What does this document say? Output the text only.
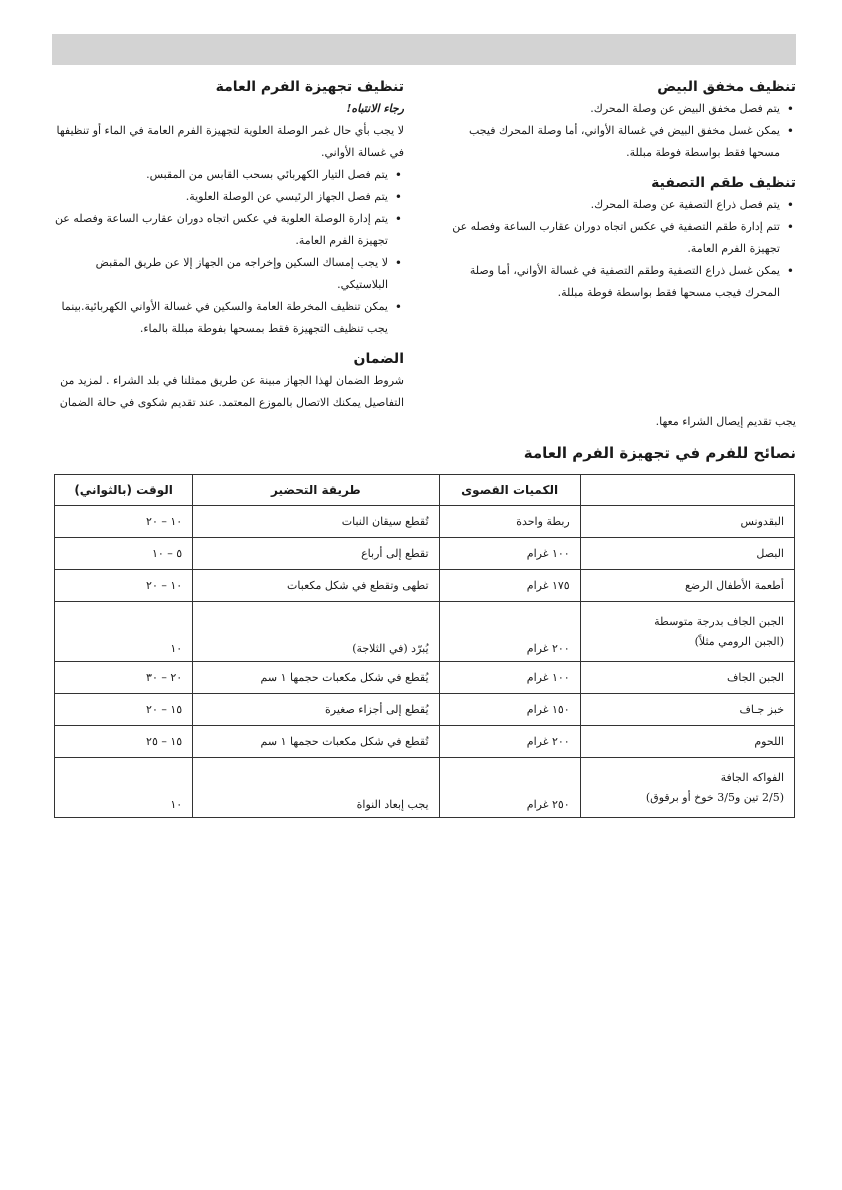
تنظيف مخفق البيض
• يتم فصل مخفق البيض عن وصلة المحرك.
• يمكن غسل مخفق البيض في غسالة الأواني، أما وصلة المحرك فيجب مسحها فقط بواسطة فوطة مبللة.
تنظيف طقم التصفية
• يتم فصل ذراع التصفية عن وصلة المحرك.
• تتم إدارة طقم التصفية في عكس اتجاه دوران عقارب الساعة وفصله عن تجهيزة الفرم العامة.
• يمكن غسل ذراع التصفية وطقم التصفية في غسالة الأواني، أما وصلة المحرك فيجب مسحها فقط بواسطة فوطة مبللة.
تنظيف تجهيزة الفرم العامة

رجاء الانتباه!

لا يجب بأي حال غمر الوصلة العلوية لتجهيزة الفرم العامة في الماء أو تنظيفها في غسالة الأواني.

• يتم فصل التيار الكهربائي بسحب القابس من المقبس.
• يتم فصل الجهاز الرئيسي عن الوصلة العلوية.
• يتم إدارة الوصلة العلوية في عكس اتجاه دوران عقارب الساعة وفصله عن تجهيزة الفرم العامة.
• لا يجب إمساك السكين وإخراجه من الجهاز إلا عن طريق المقبض البلاستيكي.
• يمكن تنظيف المخرطة العامة والسكين في غسالة الأواني الكهربائية.بينما يجب تنظيف التجهيزة فقط بمسحها بفوطة مبللة بالماء.
الضمان

شروط الضمان لهذا الجهاز مبينة عن طريق ممثلنا في بلد الشراء . لمزيد من التفاصيل يمكنك الاتصال بالموزع المعتمد. عند تقديم شكوى في حالة الضمان

يجب تقديم إيصال الشراء معها.
نصائح للفرم في تجهيزة الفرم العامة
	الكميات القصوى	طريقة التحضير	الوقت (بالثواني)
البقدونس	ربطة واحدة	تُقطع سيقان النبات	١٠ – ٢٠
البصل	١٠٠ غرام	تقطع إلى أرباع	٥ – ١٠
أطعمة الأطفال الرضع	١٧٥ غرام	تطهى وتقطع في شكل مكعبات	١٠ – ٢٠

الجبن الجاف بدرجة متوسطة
(الجبن الرومي مثلاً)	٢٠٠ غرام	يُبرّد (في الثلاجة)	١٠
الجبن الجاف	١٠٠ غرام	يُقطع في شكل مكعبات حجمها ١ سم	٢٠ – ٣٠
خبز جـاف	١٥٠ غرام	يُقطع إلى أجزاء صغيرة	١٥ – ٢٠
اللحوم	٢٠٠ غرام	تُقطع في شكل مكعبات حجمها ١ سم	١٥ – ٢٥

الفواكه الجافة
(2/5 تين و3/5 خوخ أو برقوق)	٢٥٠ غرام	يجب إبعاد النواة	١٠
